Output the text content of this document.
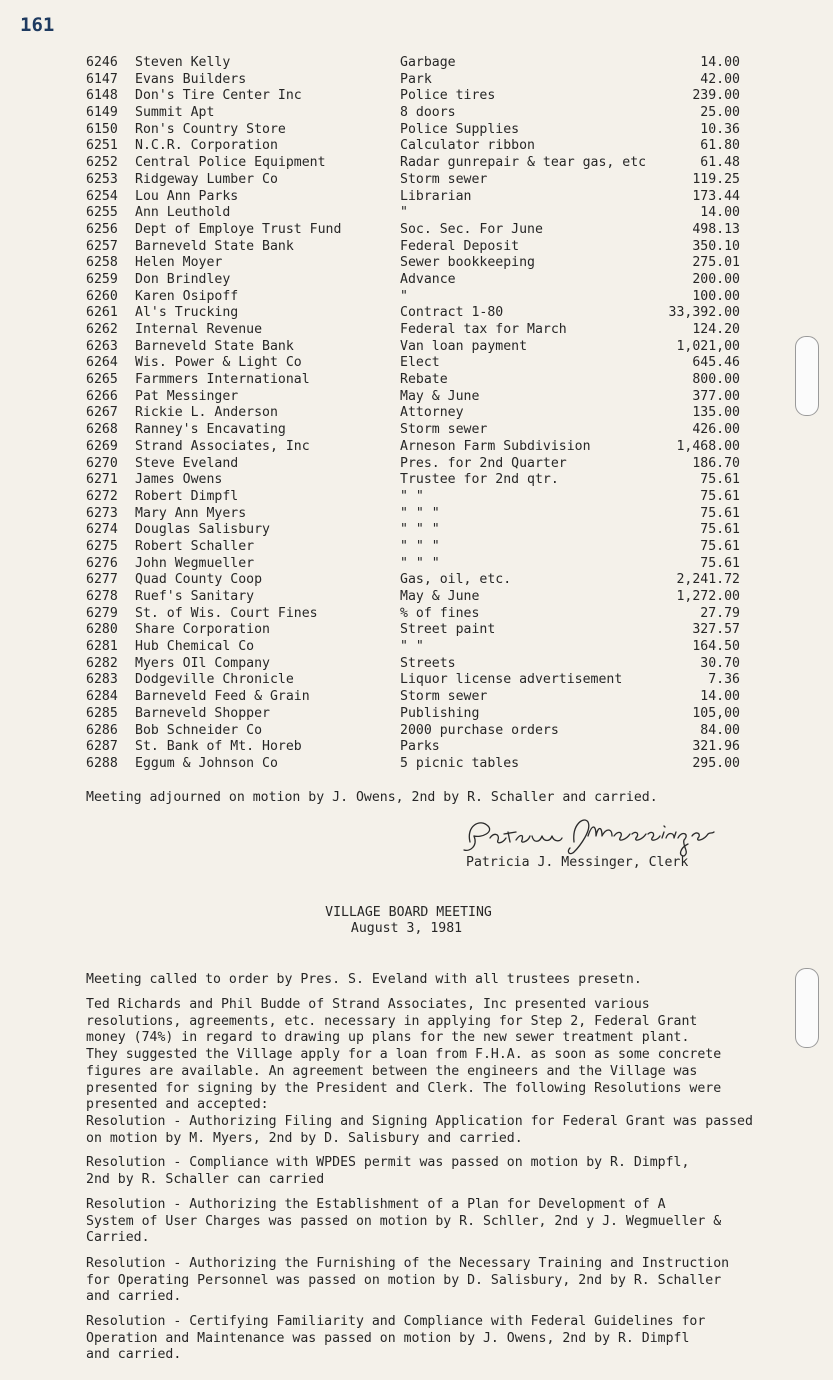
161
6246 Steven Kelly	Garbage	14.00
6147 Evans Builders	Park	42.00
6148 Don's Tire Center Inc	Police tires	239.00
6149 Summit Apt	8 doors	25.00
6150 Ron's Country Store	Police Supplies	10.36
6251 N.C.R. Corporation	Calculator ribbon	61.80
6252 Central Police Equipment	Radar gunrepair & tear gas, etc	61.48
6253 Ridgeway Lumber Co	Storm sewer	119.25
6254 Lou Ann Parks	Librarian	173.44
6255 Ann Leuthold	"	14.00
6256 Dept of Employe Trust Fund	Soc. Sec. For June	498.13
6257 Barneveld State Bank	Federal Deposit	350.10
6258 Helen Moyer	Sewer bookkeeping	275.01
6259 Don Brindley	Advance	200.00
6260 Karen Osipoff	"	100.00
6261 Al's Trucking	Contract 1-80	33,392.00
6262 Internal Revenue	Federal tax for March	124.20
6263 Barneveld State Bank	Van loan payment	1,021,00
6264 Wis. Power & Light Co	Elect	645.46
6265 Farmmers International	Rebate	800.00
6266 Pat Messinger	May & June	377.00
6267 Rickie L. Anderson	Attorney	135.00
6268 Ranney's Encavating	Storm sewer	426.00
6269 Strand Associates, Inc	Arneson Farm Subdivision	1,468.00
6270 Steve Eveland	Pres. for 2nd Quarter	186.70
6271 James Owens	Trustee for 2nd qtr.	75.61
6272 Robert Dimpfl	" "	75.61
6273 Mary Ann Myers	" " "	75.61
6274 Douglas Salisbury	" " "	75.61
6275 Robert Schaller	" " "	75.61
6276 John Wegmueller	" " "	75.61
6277 Quad County Coop	Gas, oil, etc.	2,241.72
6278 Ruef's Sanitary	May & June	1,272.00
6279 St. of Wis. Court Fines	% of fines	27.79
6280 Share Corporation	Street paint	327.57
6281 Hub Chemical Co	" "	164.50
6282 Myers OIl Company	Streets	30.70
6283 Dodgeville Chronicle	Liquor license advertisement	7.36
6284 Barneveld Feed & Grain	Storm sewer	14.00
6285 Barneveld Shopper	Publishing	105,00
6286 Bob Schneider Co	2000 purchase orders	84.00
6287 St. Bank of Mt. Horeb	Parks	321.96
6288 Eggum & Johnson Co	5 picnic tables	295.00
Meeting adjourned on motion by J. Owens, 2nd by R. Schaller and carried.
Patricia J. Messinger, Clerk
VILLAGE BOARD MEETING
August 3, 1981
Meeting called to order by Pres. S. Eveland with all trustees presetn.
Ted Richards and Phil Budde of Strand Associates, Inc presented various
resolutions, agreements, etc. necessary in applying for Step 2, Federal Grant
money (74%) in regard to drawing up plans for the new sewer treatment plant.
They suggested the Village apply for a loan from F.H.A. as soon as some concrete
figures are available. An agreement between the engineers and the Village was
presented for signing by the President and Clerk. The following Resolutions were
presented and accepted:
Resolution - Authorizing Filing and Signing Application for Federal Grant was passed
on motion by M. Myers, 2nd by D. Salisbury and carried.
Resolution - Compliance with WPDES permit was passed on motion by R. Dimpfl,
2nd by R. Schaller can carried
Resolution - Authorizing the Establishment of a Plan for Development of A
System of User Charges was passed on motion by R. Schller, 2nd y J. Wegmueller &
Carried.
Resolution - Authorizing the Furnishing of the Necessary Training and Instruction
for Operating Personnel was passed on motion by D. Salisbury, 2nd by R. Schaller
and carried.
Resolution - Certifying Familiarity and Compliance with Federal Guidelines for
Operation and Maintenance was passed on motion by J. Owens, 2nd by R. Dimpfl
and carried.
